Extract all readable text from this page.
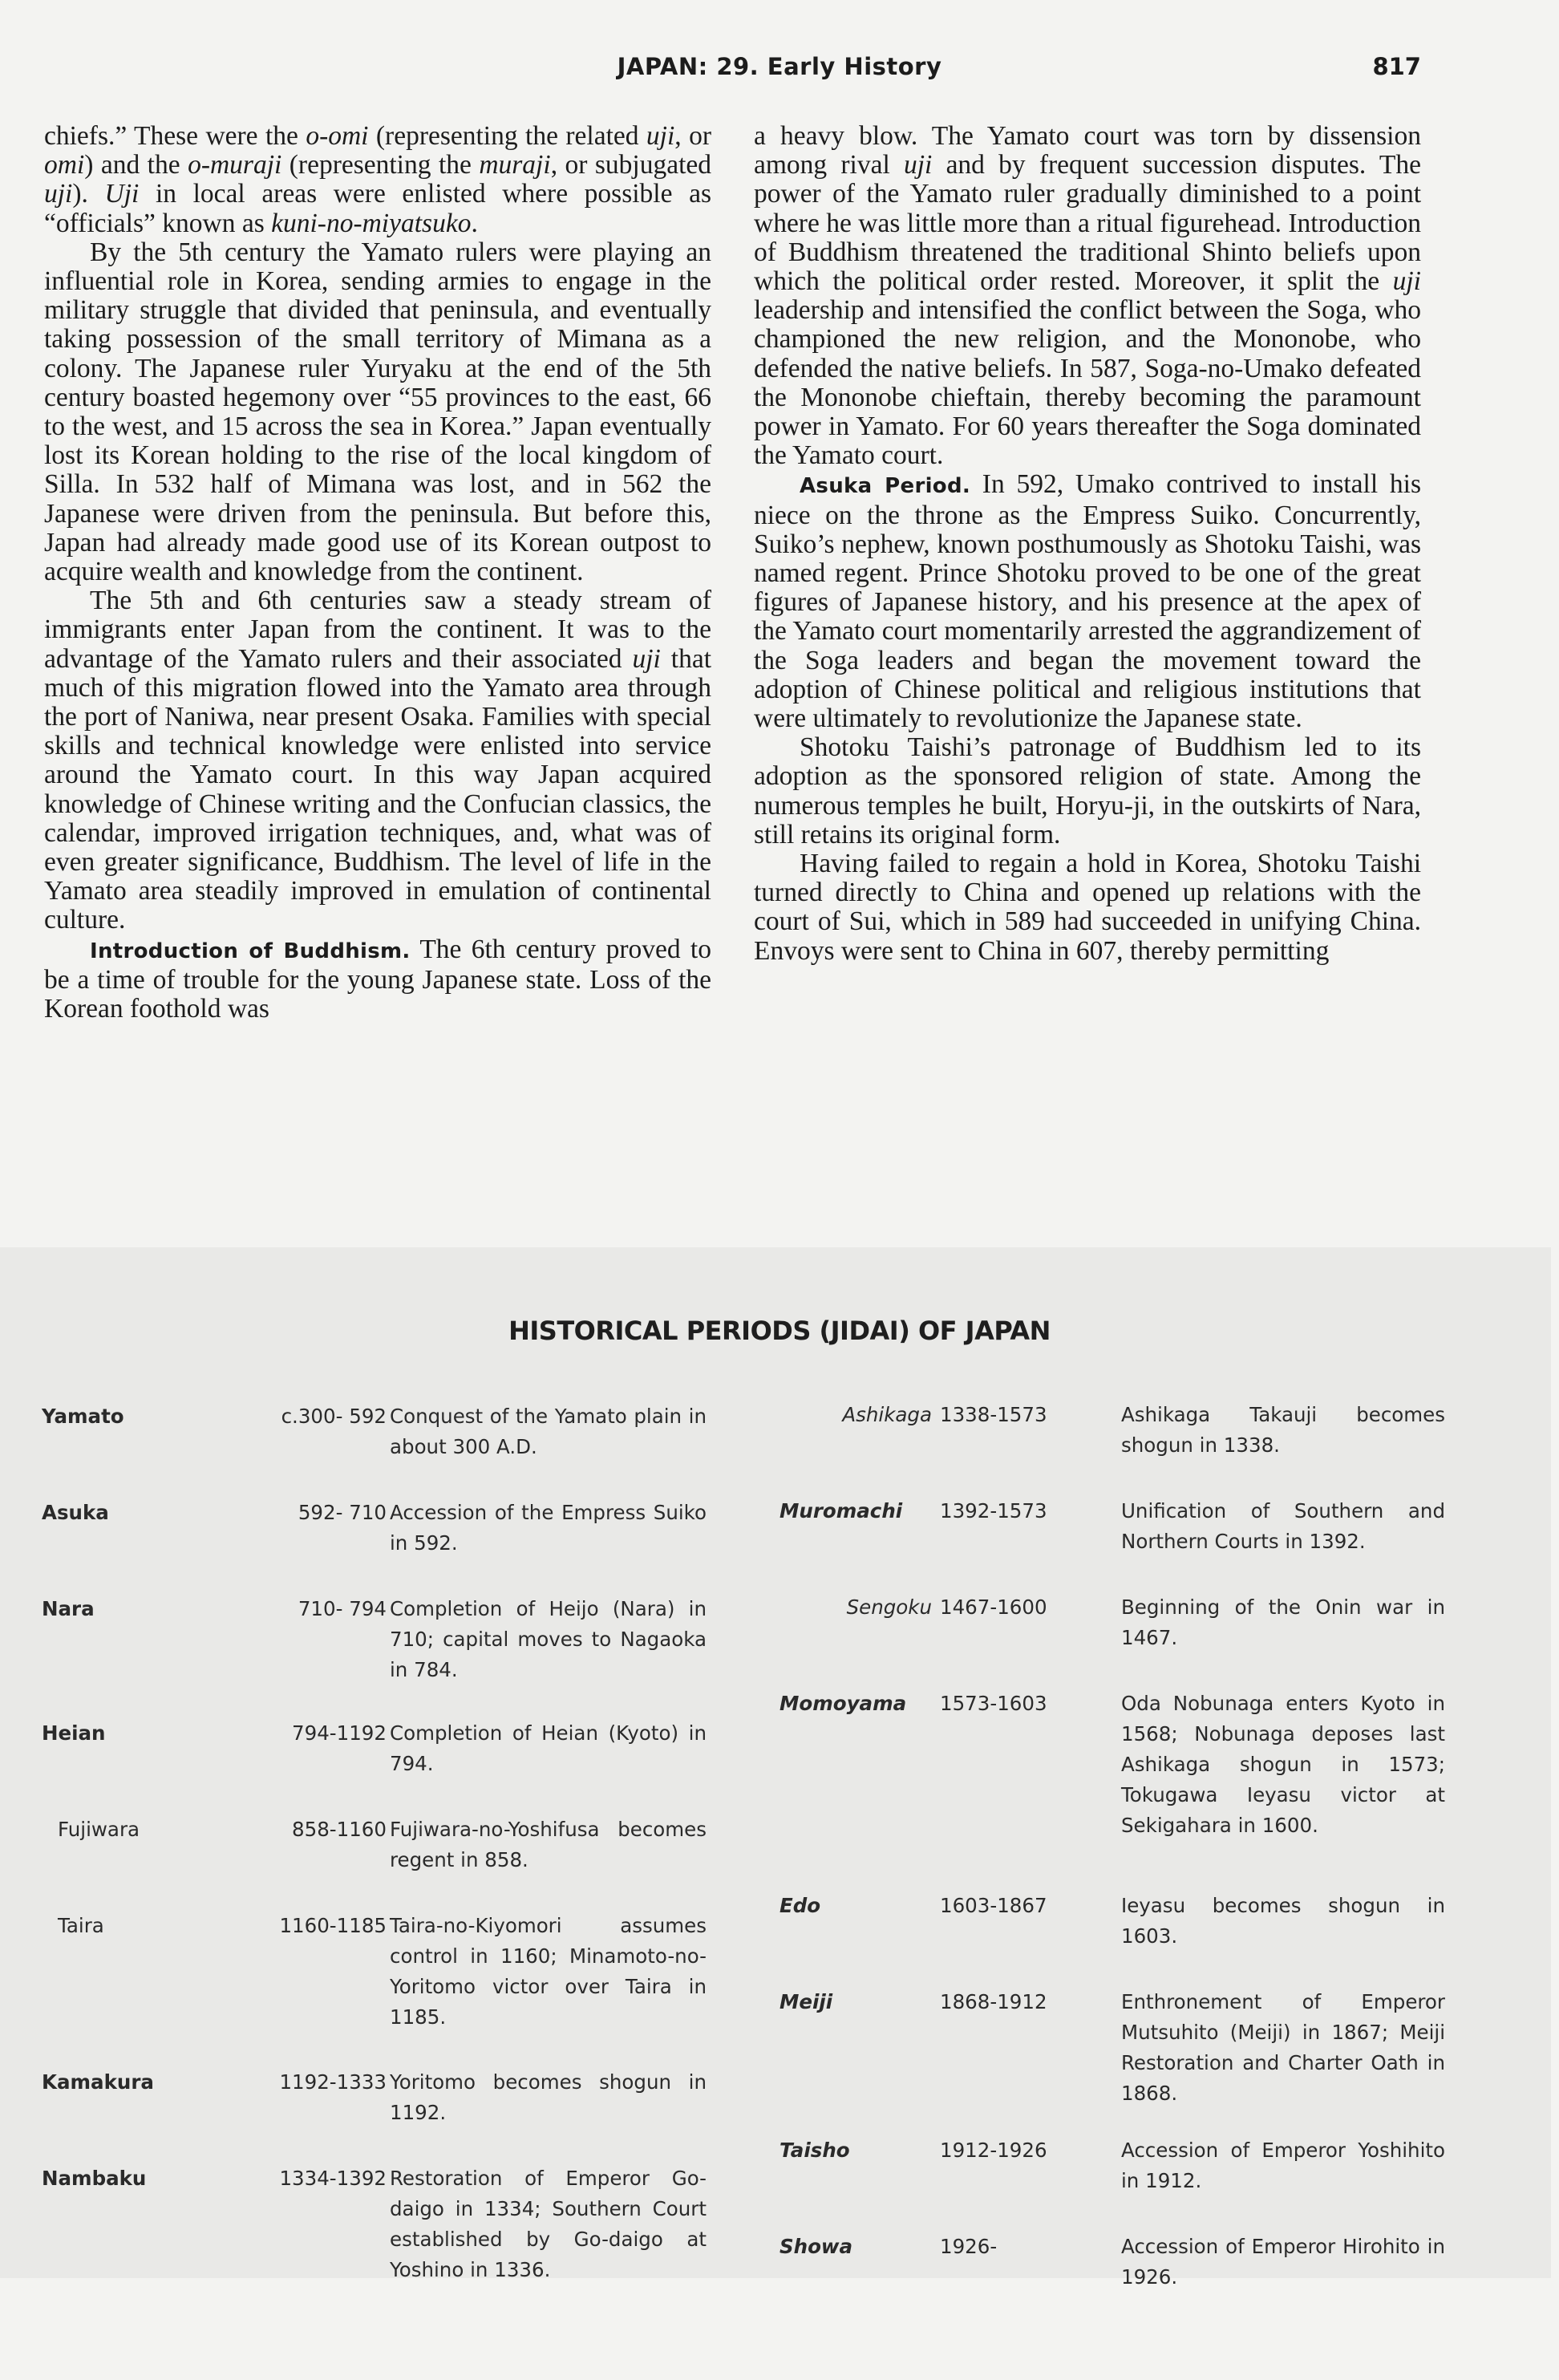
JAPAN: 29. Early History	817

chiefs.” These were the o-omi (representing the related uji, or omi) and the o-muraji (representing the muraji, or subjugated uji). Uji in local areas were enlisted where possible as “officials” known as kuni-no-miyatsuko.

By the 5th century the Yamato rulers were playing an influential role in Korea, sending armies to engage in the military struggle that divided that peninsula, and eventually taking possession of the small territory of Mimana as a colony. The Japanese ruler Yuryaku at the end of the 5th century boasted hegemony over “55 provinces to the east, 66 to the west, and 15 across the sea in Korea.” Japan eventually lost its Korean holding to the rise of the local kingdom of Silla. In 532 half of Mimana was lost, and in 562 the Japanese were driven from the peninsula. But before this, Japan had already made good use of its Korean outpost to acquire wealth and knowledge from the continent.

The 5th and 6th centuries saw a steady stream of immigrants enter Japan from the continent. It was to the advantage of the Yamato rulers and their associated uji that much of this migration flowed into the Yamato area through the port of Naniwa, near present Osaka. Families with special skills and technical knowledge were enlisted into service around the Yamato court. In this way Japan acquired knowledge of Chinese writing and the Confucian classics, the calendar, improved irrigation techniques, and, what was of even greater significance, Buddhism. The level of life in the Yamato area steadily improved in emulation of continental culture.

Introduction of Buddhism. The 6th century proved to be a time of trouble for the young Japanese state. Loss of the Korean foothold was

a heavy blow. The Yamato court was torn by dissension among rival uji and by frequent succession disputes. The power of the Yamato ruler gradually diminished to a point where he was little more than a ritual figurehead. Introduction of Buddhism threatened the traditional Shinto beliefs upon which the political order rested. Moreover, it split the uji leadership and intensified the conflict between the Soga, who championed the new religion, and the Mononobe, who defended the native beliefs. In 587, Soga-no-Umako defeated the Mononobe chieftain, thereby becoming the paramount power in Yamato. For 60 years thereafter the Soga dominated the Yamato court.

Asuka Period. In 592, Umako contrived to install his niece on the throne as the Empress Suiko. Concurrently, Suiko’s nephew, known posthumously as Shotoku Taishi, was named regent. Prince Shotoku proved to be one of the great figures of Japanese history, and his presence at the apex of the Yamato court momentarily arrested the aggrandizement of the Soga leaders and began the movement toward the adoption of Chinese political and religious institutions that were ultimately to revolutionize the Japanese state.

Shotoku Taishi’s patronage of Buddhism led to its adoption as the sponsored religion of state. Among the numerous temples he built, Horyu-ji, in the outskirts of Nara, still retains its original form.

Having failed to regain a hold in Korea, Shotoku Taishi turned directly to China and opened up relations with the court of Sui, which in 589 had succeeded in unifying China. Envoys were sent to China in 607, thereby permitting

HISTORICAL PERIODS (JIDAI) OF JAPAN
Yamato	c.300- 592 Conquest of the Yamato plain in about 300 A.D.
Asuka	592- 710 Accession of the Empress Suiko in 592.
Nara	710- 794 Completion of Heijo (Nara) in 710; capital moves to Nagaoka in 784.
Heian	794-1192 Completion of Heian (Kyoto) in 794.
Fujiwara	858-1160 Fujiwara-no-Yoshifusa becomes regent in 858.
Taira	1160-1185 Taira-no-Kiyomori assumes control in 1160; Minamoto-no-Yoritomo victor over Taira in 1185.
Kamakura	1192-1333 Yoritomo becomes shogun in 1192.
Nambaku	1334-1392 Restoration of Emperor Go-daigo in 1334; Southern Court established by Go-daigo at Yoshino in 1336.
Ashikaga 1338-1573	Ashikaga Takauji becomes shogun in 1338.
Muromachi	1392-1573	Unification of Southern and Northern Courts in 1392.
Sengoku 1467-1600	Beginning of the Onin war in 1467.
Momoyama	1573-1603	Oda Nobunaga enters Kyoto in 1568; Nobunaga deposes last Ashikaga shogun in 1573; Tokugawa Ieyasu victor at Sekigahara in 1600.
Edo	1603-1867	Ieyasu becomes shogun in 1603.
Meiji	1868-1912	Enthronement of Emperor Mutsuhito (Meiji) in 1867; Meiji Restoration and Charter Oath in 1868.
Taisho	1912-1926	Accession of Emperor Yoshihito in 1912.
Showa	1926-	Accession of Emperor Hirohito in 1926.
